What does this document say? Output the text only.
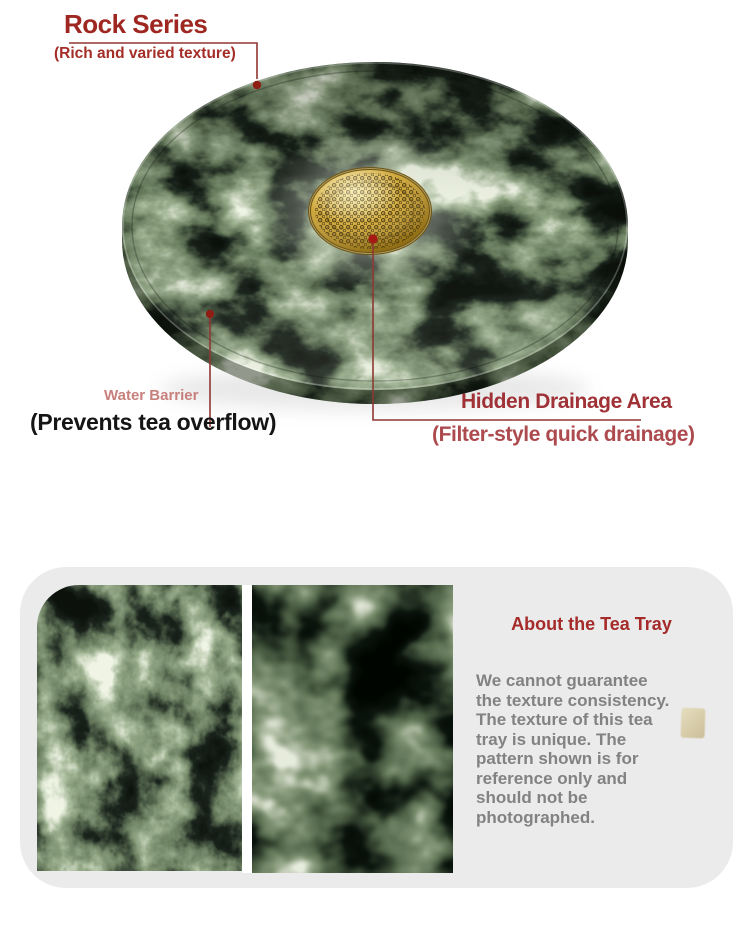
Rock Series
(Rich and varied texture)
Water Barrier
(Prevents tea overflow)
Hidden Drainage Area
(Filter-style quick drainage)
About the Tea Tray
We cannot guarantee the texture consistency. The texture of this tea tray is unique. The pattern shown is for reference only and should not be photographed.
